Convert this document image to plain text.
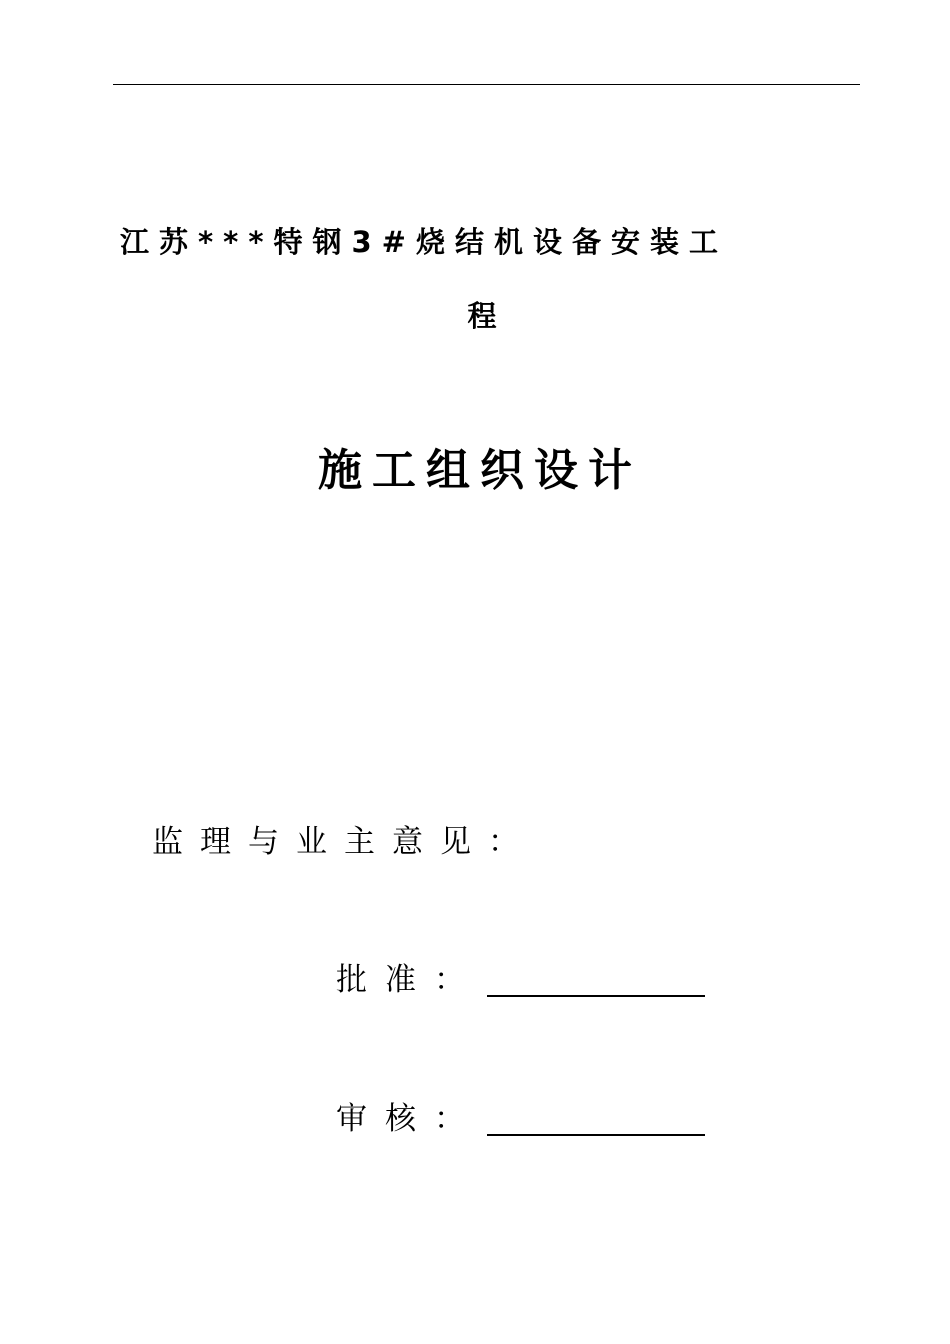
江苏***特钢3#烧结机设备安装工
程
施工组织设计
监理与业主意见：
批准：
审核：
